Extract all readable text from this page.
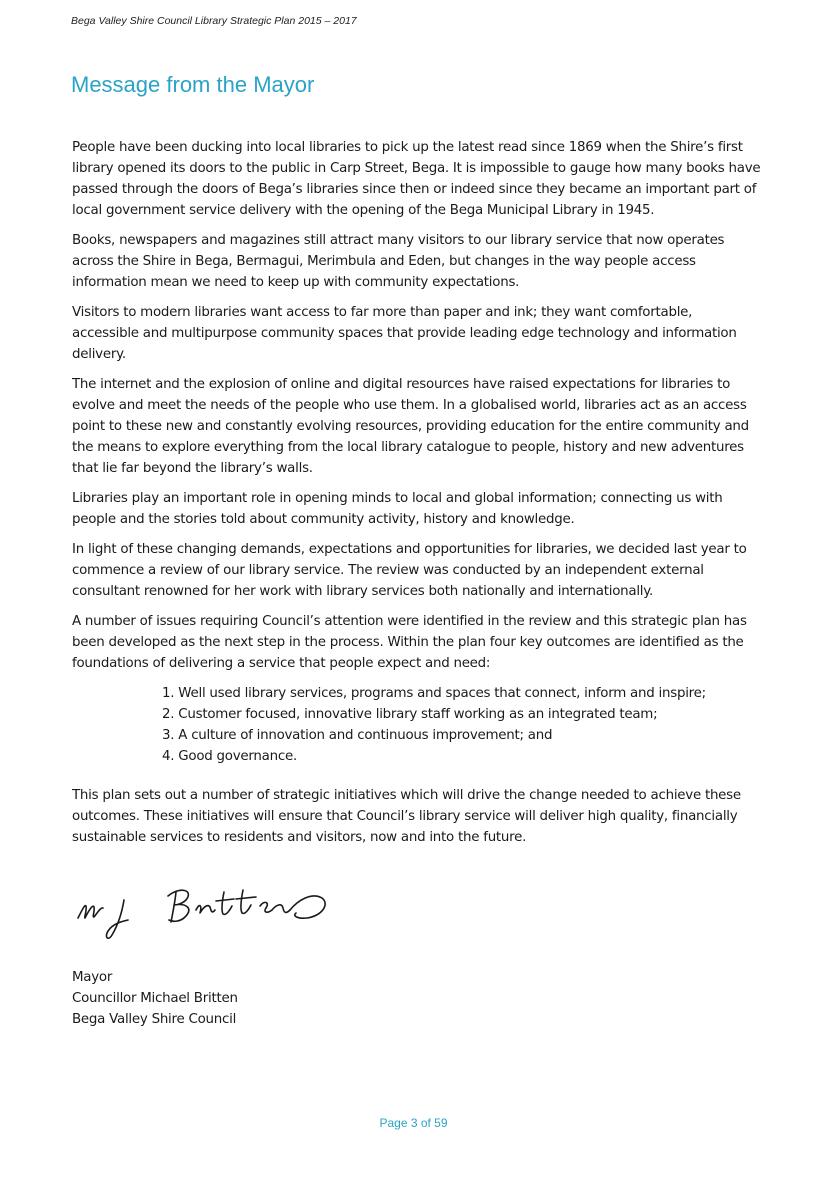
Bega Valley Shire Council Library Strategic Plan 2015 – 2017
Message from the Mayor

People have been ducking into local libraries to pick up the latest read since 1869 when the Shire’s first library opened its doors to the public in Carp Street, Bega. It is impossible to gauge how many books have passed through the doors of Bega’s libraries since then or indeed since they became an important part of local government service delivery with the opening of the Bega Municipal Library in 1945.

Books, newspapers and magazines still attract many visitors to our library service that now operates across the Shire in Bega, Bermagui, Merimbula and Eden, but changes in the way people access information mean we need to keep up with community expectations.

Visitors to modern libraries want access to far more than paper and ink; they want comfortable, accessible and multipurpose community spaces that provide leading edge technology and information delivery.

The internet and the explosion of online and digital resources have raised expectations for libraries to evolve and meet the needs of the people who use them. In a globalised world, libraries act as an access point to these new and constantly evolving resources, providing education for the entire community and the means to explore everything from the local library catalogue to people, history and new adventures that lie far beyond the library’s walls.

Libraries play an important role in opening minds to local and global information; connecting us with people and the stories told about community activity, history and knowledge.

In light of these changing demands, expectations and opportunities for libraries, we decided last year to commence a review of our library service. The review was conducted by an independent external consultant renowned for her work with library services both nationally and internationally.

A number of issues requiring Council’s attention were identified in the review and this strategic plan has been developed as the next step in the process. Within the plan four key outcomes are identified as the foundations of delivering a service that people expect and need:

1. Well used library services, programs and spaces that connect, inform and inspire;
2. Customer focused, innovative library staff working as an integrated team;
3. A culture of innovation and continuous improvement; and
4. Good governance.

This plan sets out a number of strategic initiatives which will drive the change needed to achieve these outcomes. These initiatives will ensure that Council’s library service will deliver high quality, financially sustainable services to residents and visitors, now and into the future.

Mayor
Councillor Michael Britten
Bega Valley Shire Council
Page 3 of 59
